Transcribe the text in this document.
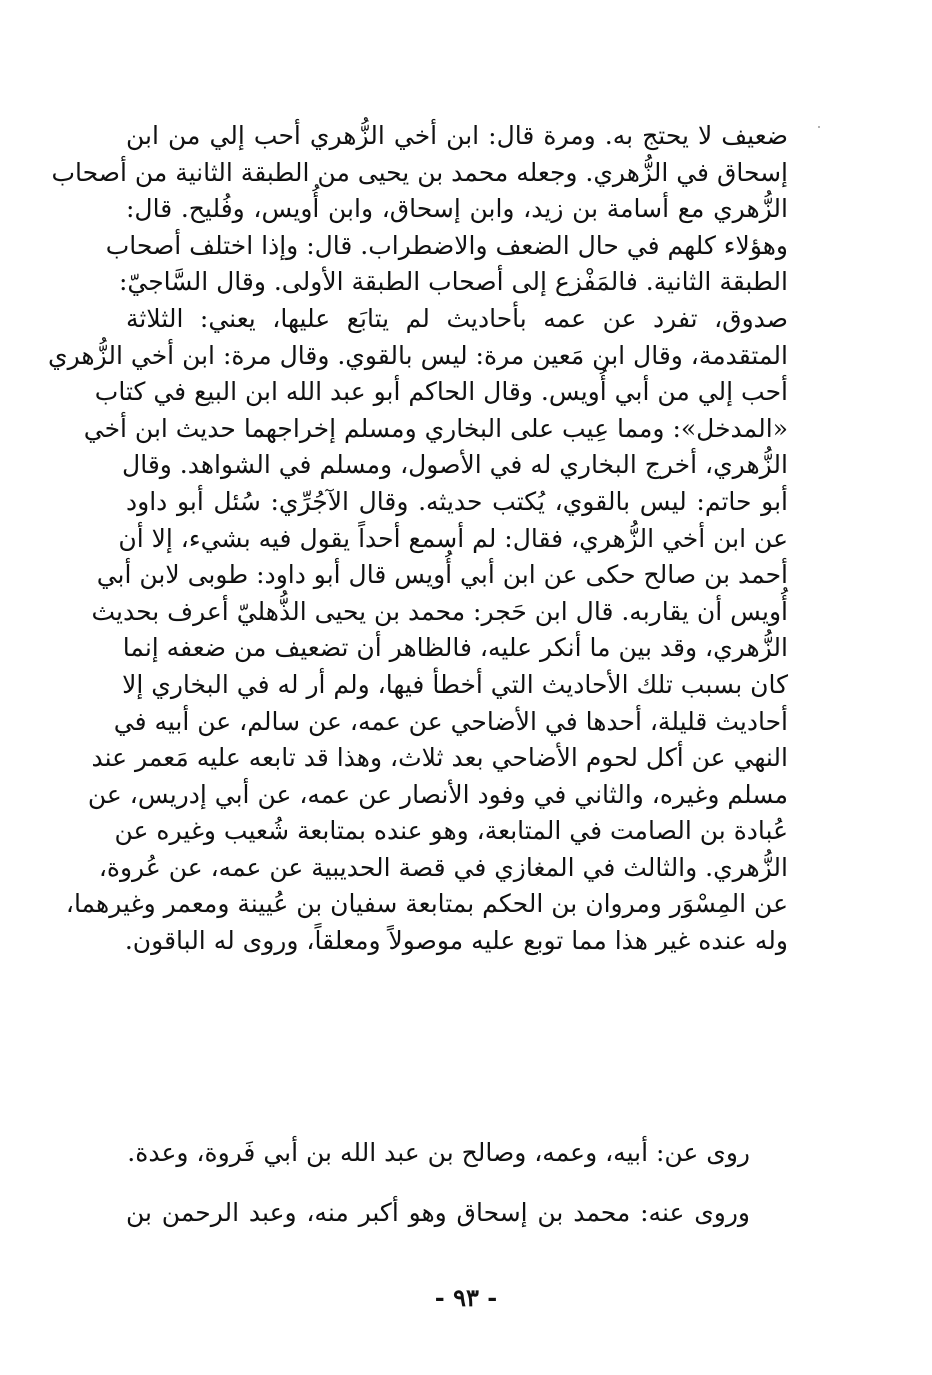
ضعيف لا يحتج به. ومرة قال: ابن أخي الزُّهري أحب إلي من ابن
إسحاق في الزُّهري. وجعله محمد بن يحيى من الطبقة الثانية من أصحاب
الزُّهري مع أسامة بن زيد، وابن إسحاق، وابن أُويس، وفُليح. قال:
وهؤلاء كلهم في حال الضعف والاضطراب. قال: وإذا اختلف أصحاب
الطبقة الثانية. فالمَفْزع إلى أصحاب الطبقة الأولى. وقال السَّاجيّ:
صدوق، تفرد عن عمه بأحاديث لم يتابَع عليها، يعني: الثلاثة
المتقدمة، وقال ابن مَعين مرة: ليس بالقوي. وقال مرة: ابن أخي الزُّهري
أحب إلي من أبي أُويس. وقال الحاكم أبو عبد الله ابن البيع في كتاب
«المدخل»: ومما عِيب على البخاري ومسلم إخراجهما حديث ابن أخي
الزُّهري، أخرج البخاري له في الأصول، ومسلم في الشواهد. وقال
أبو حاتم: ليس بالقوي، يُكتب حديثه. وقال الآجُرِّي: سُئل أبو داود
عن ابن أخي الزُّهري، فقال: لم أسمع أحداً يقول فيه بشيء، إلا أن
أحمد بن صالح حكى عن ابن أبي أُويس قال أبو داود: طوبى لابن أبي
أُويس أن يقاربه. قال ابن حَجر: محمد بن يحيى الذُّهليّ أعرف بحديث
الزُّهري، وقد بين ما أنكر عليه، فالظاهر أن تضعيف من ضعفه إنما
كان بسبب تلك الأحاديث التي أخطأ فيها، ولم أر له في البخاري إلا
أحاديث قليلة، أحدها في الأضاحي عن عمه، عن سالم، عن أبيه في
النهي عن أكل لحوم الأضاحي بعد ثلاث، وهذا قد تابعه عليه مَعمر عند
مسلم وغيره، والثاني في وفود الأنصار عن عمه، عن أبي إدريس، عن
عُبادة بن الصامت في المتابعة، وهو عنده بمتابعة شُعيب وغيره عن
الزُّهري. والثالث في المغازي في قصة الحديبية عن عمه، عن عُروة،
عن المِسْوَر ومروان بن الحكم بمتابعة سفيان بن عُيينة ومعمر وغيرهما،
وله عنده غير هذا مما توبع عليه موصولاً ومعلقاً، وروى له الباقون.
روى عن: أبيه، وعمه، وصالح بن عبد الله بن أبي فَروة، وعدة.
وروى عنه: محمد بن إسحاق وهو أكبر منه، وعبد الرحمن بن
- ٩٣ -
